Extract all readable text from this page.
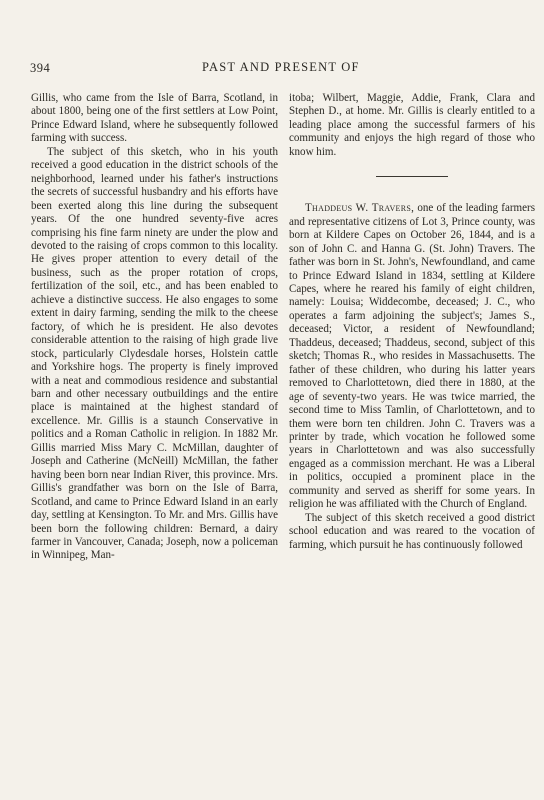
394	PAST AND PRESENT OF

Gillis, who came from the Isle of Barra, Scotland, in about 1800, being one of the first settlers at Low Point, Prince Edward Island, where he subsequently followed farming with success.

The subject of this sketch, who in his youth received a good education in the district schools of the neighborhood, learned under his father's instructions the secrets of successful husbandry and his efforts have been exerted along this line during the subsequent years. Of the one hundred seventy-five acres comprising his fine farm ninety are under the plow and devoted to the raising of crops common to this locality. He gives proper attention to every detail of the business, such as the proper rotation of crops, fertilization of the soil, etc., and has been enabled to achieve a distinctive success. He also engages to some extent in dairy farming, sending the milk to the cheese factory, of which he is president. He also devotes considerable attention to the raising of high grade live stock, particularly Clydesdale horses, Holstein cattle and Yorkshire hogs. The property is finely improved with a neat and commodious residence and substantial barn and other necessary outbuildings and the entire place is maintained at the highest standard of excellence. Mr. Gillis is a staunch Conservative in politics and a Roman Catholic in religion. In 1882 Mr. Gillis married Miss Mary C. McMillan, daughter of Joseph and Catherine (McNeill) McMillan, the father having been born near Indian River, this province. Mrs. Gillis's grandfather was born on the Isle of Barra, Scotland, and came to Prince Edward Island in an early day, settling at Kensington. To Mr. and Mrs. Gillis have been born the following children: Bernard, a dairy farmer in Vancouver, Canada; Joseph, now a policeman in Winnipeg, Man-

itoba; Wilbert, Maggie, Addie, Frank, Clara and Stephen D., at home. Mr. Gillis is clearly entitled to a leading place among the successful farmers of his community and enjoys the high regard of those who know him.

Thaddeus W. Travers, one of the leading farmers and representative citizens of Lot 3, Prince county, was born at Kildere Capes on October 26, 1844, and is a son of John C. and Hanna G. (St. John) Travers. The father was born in St. John's, Newfoundland, and came to Prince Edward Island in 1834, settling at Kildere Capes, where he reared his family of eight children, namely: Louisa; Widdecombe, deceased; J. C., who operates a farm adjoining the subject's; James S., deceased; Victor, a resident of Newfoundland; Thaddeus, deceased; Thaddeus, second, subject of this sketch; Thomas R., who resides in Massachusetts. The father of these children, who during his latter years removed to Charlottetown, died there in 1880, at the age of seventy-two years. He was twice married, the second time to Miss Tamlin, of Charlottetown, and to them were born ten children. John C. Travers was a printer by trade, which vocation he followed some years in Charlottetown and was also successfully engaged as a commission merchant. He was a Liberal in politics, occupied a prominent place in the community and served as sheriff for some years. In religion he was affiliated with the Church of England.

The subject of this sketch received a good district school education and was reared to the vocation of farming, which pursuit he has continuously followed
